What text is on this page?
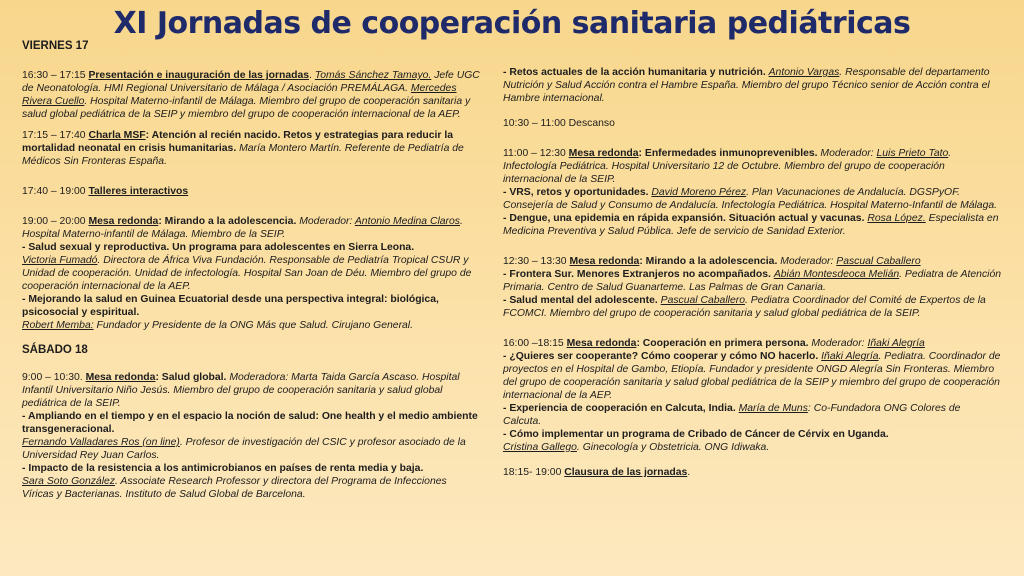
XI Jornadas de cooperación sanitaria pediátricas
VIERNES 17
16:30 – 17:15 Presentación e inauguración de las jornadas. Tomás Sánchez Tamayo. Jefe UGC de Neonatología. HMI Regional Universitario de Málaga / Asociación PREMÁLAGA. Mercedes Rivera Cuello. Hospital Materno-infantil de Málaga. Miembro del grupo de cooperación sanitaria y salud global pediátrica de la SEIP y miembro del grupo de cooperación internacional de la AEP.
17:15 – 17:40 Charla MSF: Atención al recién nacido. Retos y estrategias para reducir la mortalidad neonatal en crisis humanitarias. María Montero Martín. Referente de Pediatría de Médicos Sin Fronteras España.
17:40 – 19:00 Talleres interactivos
19:00 – 20:00 Mesa redonda: Mirando a la adolescencia. Moderador: Antonio Medina Claros. Hospital Materno-infantil de Málaga. Miembro de la SEIP.
- Salud sexual y reproductiva. Un programa para adolescentes en Sierra Leona.
Victoria Fumadó. Directora de África Viva Fundación. Responsable de Pediatría Tropical CSUR y Unidad de cooperación. Unidad de infectología. Hospital San Joan de Déu. Miembro del grupo de cooperación internacional de la AEP.
- Mejorando la salud en Guinea Ecuatorial desde una perspectiva integral: biológica, psicosocial y espiritual.
Robert Memba: Fundador y Presidente de la ONG Más que Salud. Cirujano General.
SÁBADO 18
9:00 – 10:30. Mesa redonda: Salud global. Moderadora: Marta Taida García Ascaso. Hospital Infantil Universitario Niño Jesús. Miembro del grupo de cooperación sanitaria y salud global pediátrica de la SEIP.
- Ampliando en el tiempo y en el espacio la noción de salud: One health y el medio ambiente transgeneracional.
Fernando Valladares Ros (on line). Profesor de investigación del CSIC y profesor asociado de la Universidad Rey Juan Carlos.
- Impacto de la resistencia a los antimicrobianos en países de renta media y baja.
Sara Soto González. Associate Research Professor y directora del Programa de Infecciones Víricas y Bacterianas. Instituto de Salud Global de Barcelona.
- Retos actuales de la acción humanitaria y nutrición. Antonio Vargas. Responsable del departamento Nutrición y Salud Acción contra el Hambre España. Miembro del grupo Técnico senior de Acción contra el Hambre internacional.
10:30 – 11:00 Descanso
11:00 – 12:30 Mesa redonda: Enfermedades inmunoprevenibles. Moderador: Luis Prieto Tato. Infectología Pediátrica. Hospital Universitario 12 de Octubre. Miembro del grupo de cooperación internacional de la SEIP.
- VRS, retos y oportunidades. David Moreno Pérez. Plan Vacunaciones de Andalucía. DGSPyOF. Consejería de Salud y Consumo de Andalucía. Infectología Pediátrica. Hospital Materno-Infantil de Málaga.
- Dengue, una epidemia en rápida expansión. Situación actual y vacunas. Rosa López. Especialista en Medicina Preventiva y Salud Pública. Jefe de servicio de Sanidad Exterior.
12:30 – 13:30 Mesa redonda: Mirando a la adolescencia. Moderador: Pascual Caballero
- Frontera Sur. Menores Extranjeros no acompañados. Abián Montesdeoca Melián. Pediatra de Atención Primaria. Centro de Salud Guanarteme. Las Palmas de Gran Canaria.
- Salud mental del adolescente. Pascual Caballero. Pediatra Coordinador del Comité de Expertos de la FCOMCI. Miembro del grupo de cooperación sanitaria y salud global pediátrica de la SEIP.
16:00 –18:15 Mesa redonda: Cooperación en primera persona. Moderador: Iñaki Alegría
- ¿Quieres ser cooperante? Cómo cooperar y cómo NO hacerlo. Iñaki Alegría. Pediatra. Coordinador de proyectos en el Hospital de Gambo, Etiopía. Fundador y presidente ONGD Alegría Sin Fronteras. Miembro del grupo de cooperación sanitaria y salud global pediátrica de la SEIP y miembro del grupo de cooperación internacional de la AEP.
- Experiencia de cooperación en Calcuta, India. María de Muns: Co-Fundadora ONG Colores de Calcuta.
- Cómo implementar un programa de Cribado de Cáncer de Cérvix en Uganda.
Cristina Gallego. Ginecología y Obstetricia. ONG Idiwaka.
18:15- 19:00 Clausura de las jornadas.
